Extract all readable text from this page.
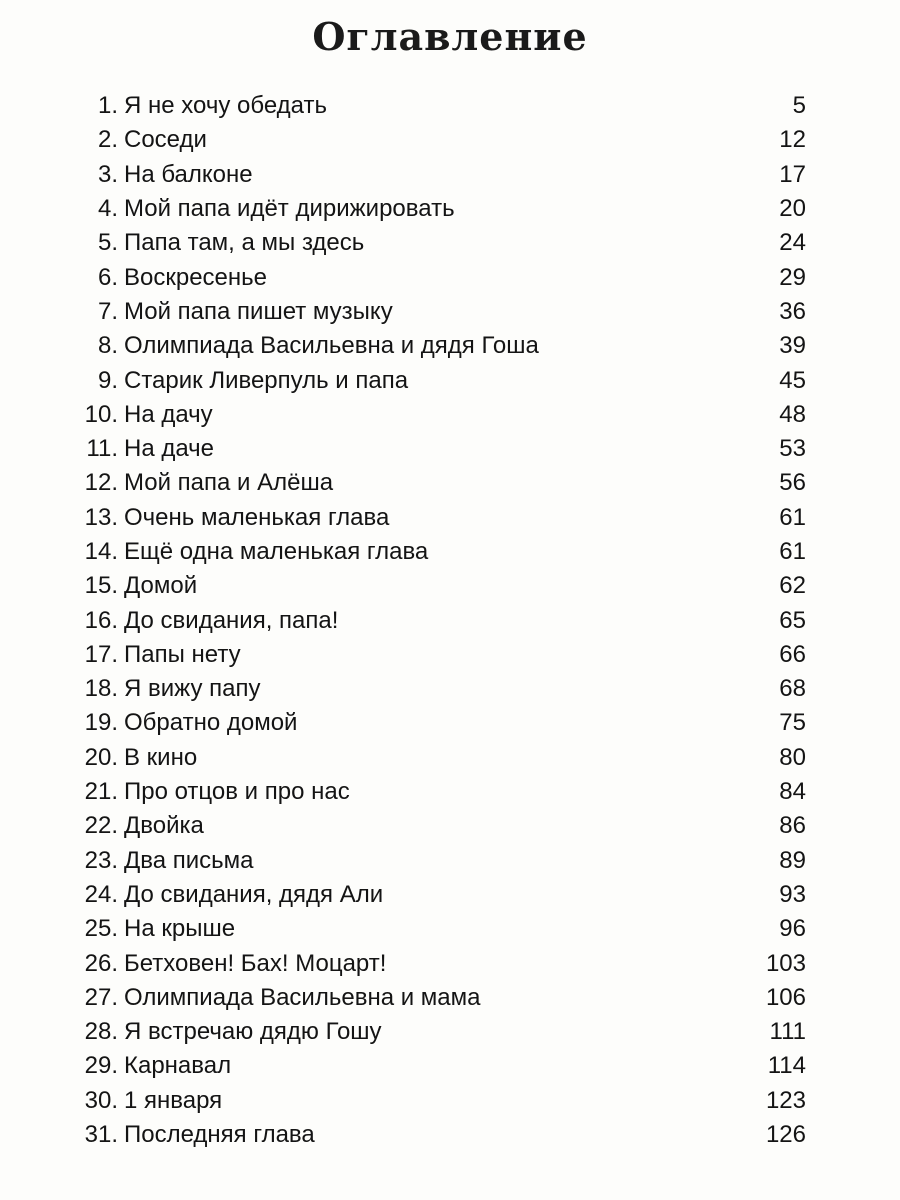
Оглавление
1. Я не хочу обедать	5
2. Соседи	12
3. На балконе	17
4. Мой папа идёт дирижировать	20
5. Папа там, а мы здесь	24
6. Воскресенье	29
7. Мой папа пишет музыку	36
8. Олимпиада Васильевна и дядя Гоша	39
9. Старик Ливерпуль и папа	45
10. На дачу	48
11. На даче	53
12. Мой папа и Алёша	56
13. Очень маленькая глава	61
14. Ещё одна маленькая глава	61
15. Домой	62
16. До свидания, папа!	65
17. Папы нету	66
18. Я вижу папу	68
19. Обратно домой	75
20. В кино	80
21. Про отцов и про нас	84
22. Двойка	86
23. Два письма	89
24. До свидания, дядя Али	93
25. На крыше	96
26. Бетховен! Бах! Моцарт!	103
27. Олимпиада Васильевна и мама	106
28. Я встречаю дядю Гошу	111
29. Карнавал	114
30. 1 января	123
31. Последняя глава	126
